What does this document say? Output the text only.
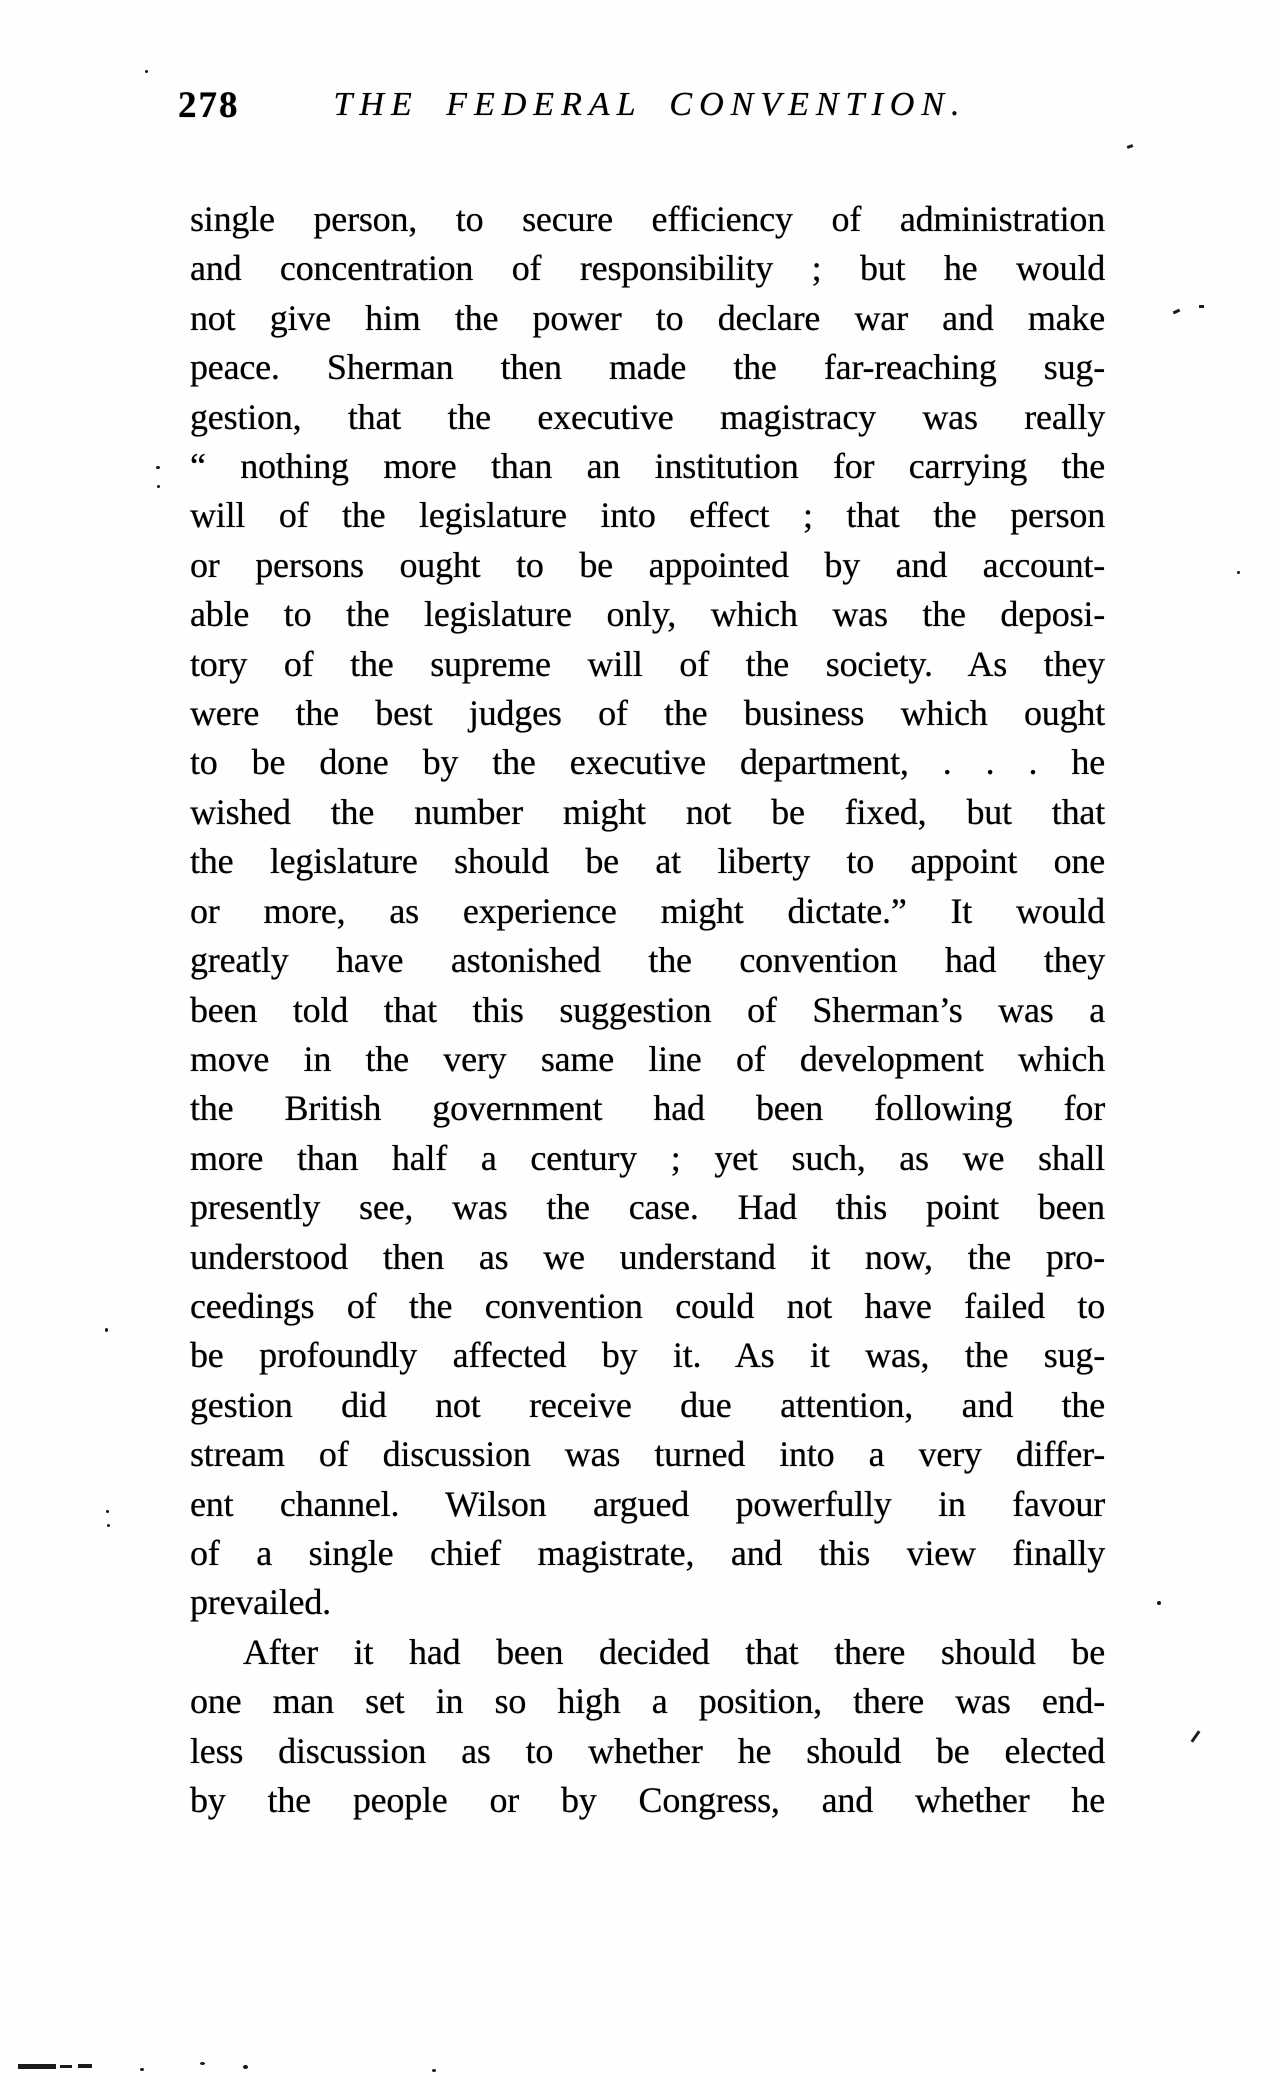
278	THE FEDERAL CONVENTION.
single person, to secure efficiency of administration
and concentration of responsibility ; but he would
not give him the power to declare war and make
peace. Sherman then made the far-reaching sug-
gestion, that the executive magistracy was really
“ nothing more than an institution for carrying the
will of the legislature into effect ; that the person
or persons ought to be appointed by and account-
able to the legislature only, which was the deposi-
tory of the supreme will of the society. As they
were the best judges of the business which ought
to be done by the executive department, . . . he
wished the number might not be fixed, but that
the legislature should be at liberty to appoint one
or more, as experience might dictate.” It would
greatly have astonished the convention had they
been told that this suggestion of Sherman’s was a
move in the very same line of development which
the British government had been following for
more than half a century ; yet such, as we shall
presently see, was the case. Had this point been
understood then as we understand it now, the pro-
ceedings of the convention could not have failed to
be profoundly affected by it. As it was, the sug-
gestion did not receive due attention, and the
stream of discussion was turned into a very differ-
ent channel. Wilson argued powerfully in favour
of a single chief magistrate, and this view finally
prevailed.
After it had been decided that there should be
one man set in so high a position, there was end-
less discussion as to whether he should be elected
by the people or by Congress, and whether he
